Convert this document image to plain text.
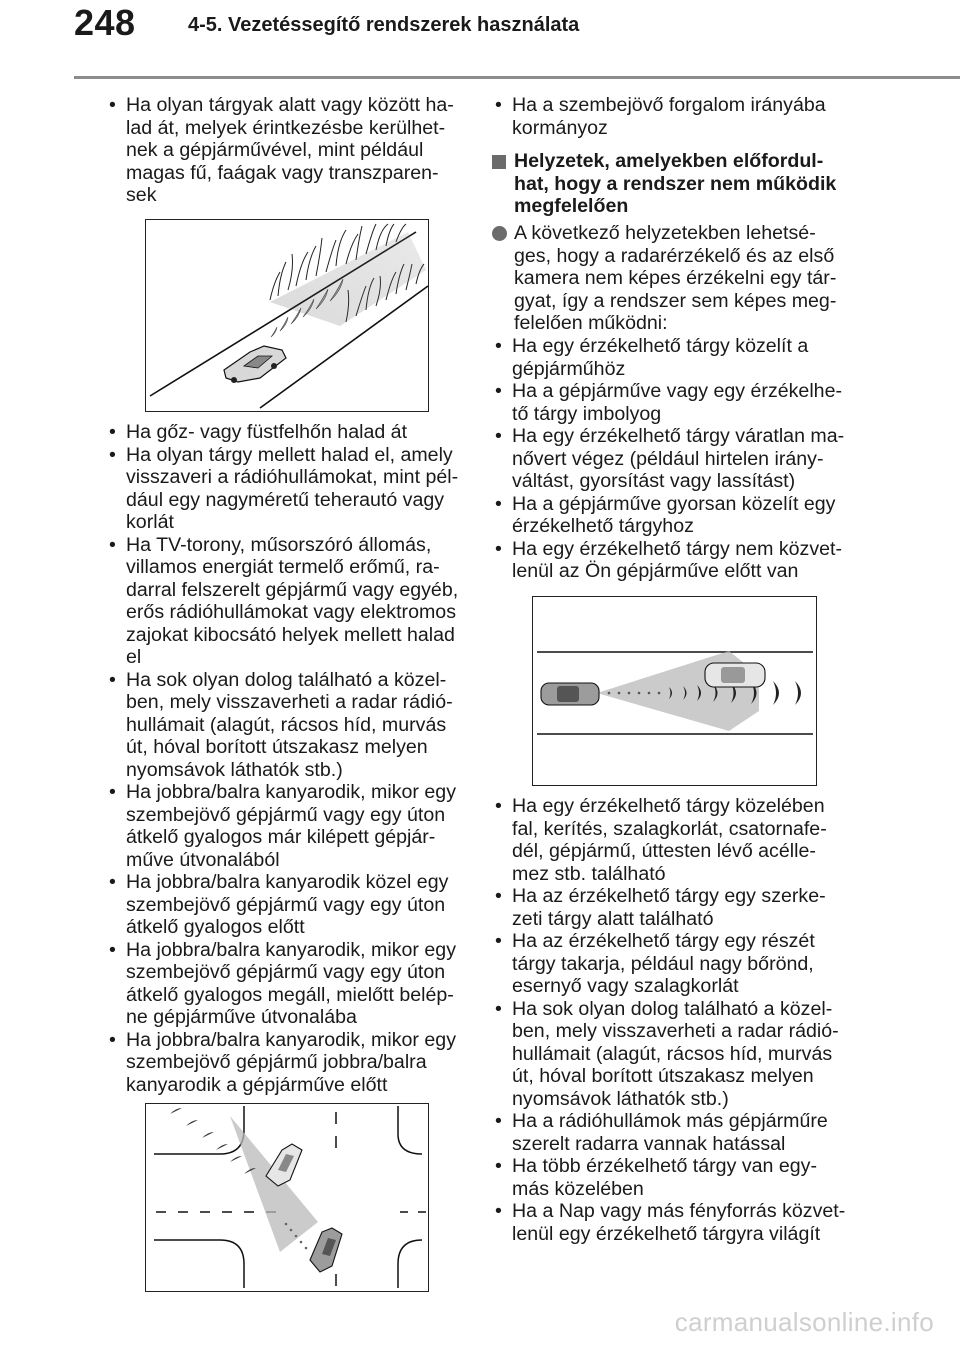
248	4-5. Vezetéssegítő rendszerek használata
• Ha olyan tárgyak alatt vagy között ha-
lad át, melyek érintkezésbe kerülhet-
nek a gépjárművével, mint például
magas fű, faágak vagy transzparen-
sek
• Ha gőz- vagy füstfelhőn halad át
• Ha olyan tárgy mellett halad el, amely
visszaveri a rádióhullámokat, mint pél-
dául egy nagyméretű teherautó vagy
korlát
• Ha TV-torony, műsorszóró állomás,
villamos energiát termelő erőmű, ra-
darral felszerelt gépjármű vagy egyéb,
erős rádióhullámokat vagy elektromos
zajokat kibocsátó helyek mellett halad
el
• Ha sok olyan dolog található a közel-
ben, mely visszaverheti a radar rádió-
hullámait (alagút, rácsos híd, murvás
út, hóval borított útszakasz melyen
nyomsávok láthatók stb.)
• Ha jobbra/balra kanyarodik, mikor egy
szembejövő gépjármű vagy egy úton
átkelő gyalogos már kilépett gépjár-
műve útvonalából
• Ha jobbra/balra kanyarodik közel egy
szembejövő gépjármű vagy egy úton
átkelő gyalogos előtt
• Ha jobbra/balra kanyarodik, mikor egy
szembejövő gépjármű vagy egy úton
átkelő gyalogos megáll, mielőtt belép-
ne gépjárműve útvonalába
• Ha jobbra/balra kanyarodik, mikor egy
szembejövő gépjármű jobbra/balra
kanyarodik a gépjárműve előtt
• Ha a szembejövő forgalom irányába
kormányoz
Helyzetek, amelyekben előfordul-
hat, hogy a rendszer nem működik
megfelelően
A következő helyzetekben lehetsé-
ges, hogy a radarérzékelő és az első
kamera nem képes érzékelni egy tár-
gyat, így a rendszer sem képes meg-
felelően működni:
• Ha egy érzékelhető tárgy közelít a
gépjárműhöz
• Ha a gépjárműve vagy egy érzékelhe-
tő tárgy imbolyog
• Ha egy érzékelhető tárgy váratlan ma-
nővert végez (például hirtelen irány-
váltást, gyorsítást vagy lassítást)
• Ha a gépjárműve gyorsan közelít egy
érzékelhető tárgyhoz
• Ha egy érzékelhető tárgy nem közvet-
lenül az Ön gépjárműve előtt van
• Ha egy érzékelhető tárgy közelében
fal, kerítés, szalagkorlát, csatornafe-
dél, gépjármű, úttesten lévő acélle-
mez stb. található
• Ha az érzékelhető tárgy egy szerke-
zeti tárgy alatt található
• Ha az érzékelhető tárgy egy részét
tárgy takarja, például nagy bőrönd,
esernyő vagy szalagkorlát
• Ha sok olyan dolog található a közel-
ben, mely visszaverheti a radar rádió-
hullámait (alagút, rácsos híd, murvás
út, hóval borított útszakasz melyen
nyomsávok láthatók stb.)
• Ha a rádióhullámok más gépjárműre
szerelt radarra vannak hatással
• Ha több érzékelhető tárgy van egy-
más közelében
• Ha a Nap vagy más fényforrás közvet-
lenül egy érzékelhető tárgyra világít
carmanualsonline.info
